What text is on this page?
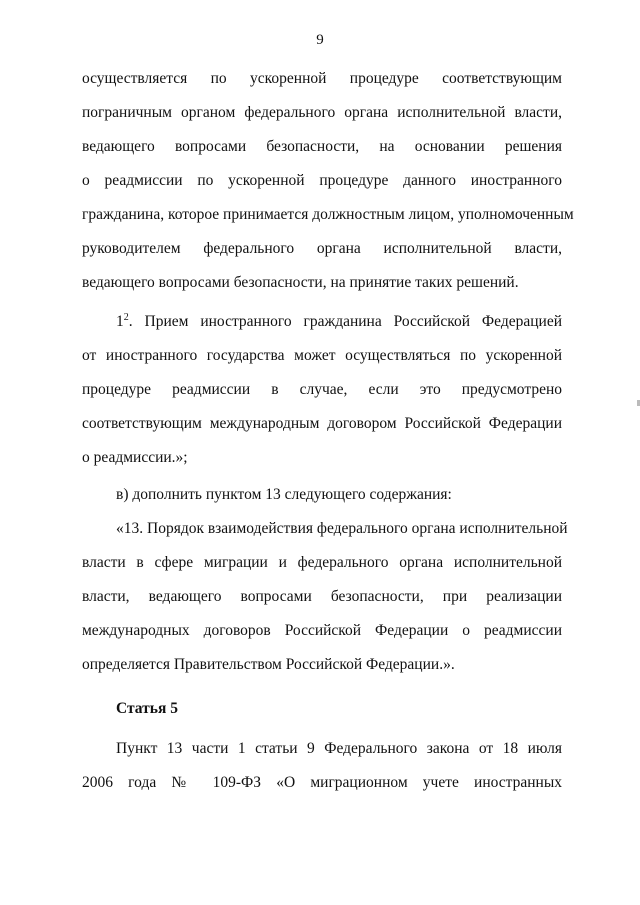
9
осуществляется по ускоренной процедуре соответствующим
пограничным органом федерального органа исполнительной власти,
ведающего вопросами безопасности, на основании решения
о реадмиссии по ускоренной процедуре данного иностранного
гражданина, которое принимается должностным лицом, уполномоченным
руководителем федерального органа исполнительной власти,
ведающего вопросами безопасности, на принятие таких решений.
$1^2$. Прием иностранного гражданина Российской Федерацией
от иностранного государства может осуществляться по ускоренной
процедуре реадмиссии в случае, если это предусмотрено
соответствующим международным договором Российской Федерации
о реадмиссии.»;
в) дополнить пунктом 13 следующего содержания:
«13. Порядок взаимодействия федерального органа исполнительной
власти в сфере миграции и федерального органа исполнительной
власти, ведающего вопросами безопасности, при реализации
международных договоров Российской Федерации о реадмиссии
определяется Правительством Российской Федерации.».
Статья 5
Пункт 13 части 1 статьи 9 Федерального закона от 18 июля
2006 года № 109-ФЗ «О миграционном учете иностранных
